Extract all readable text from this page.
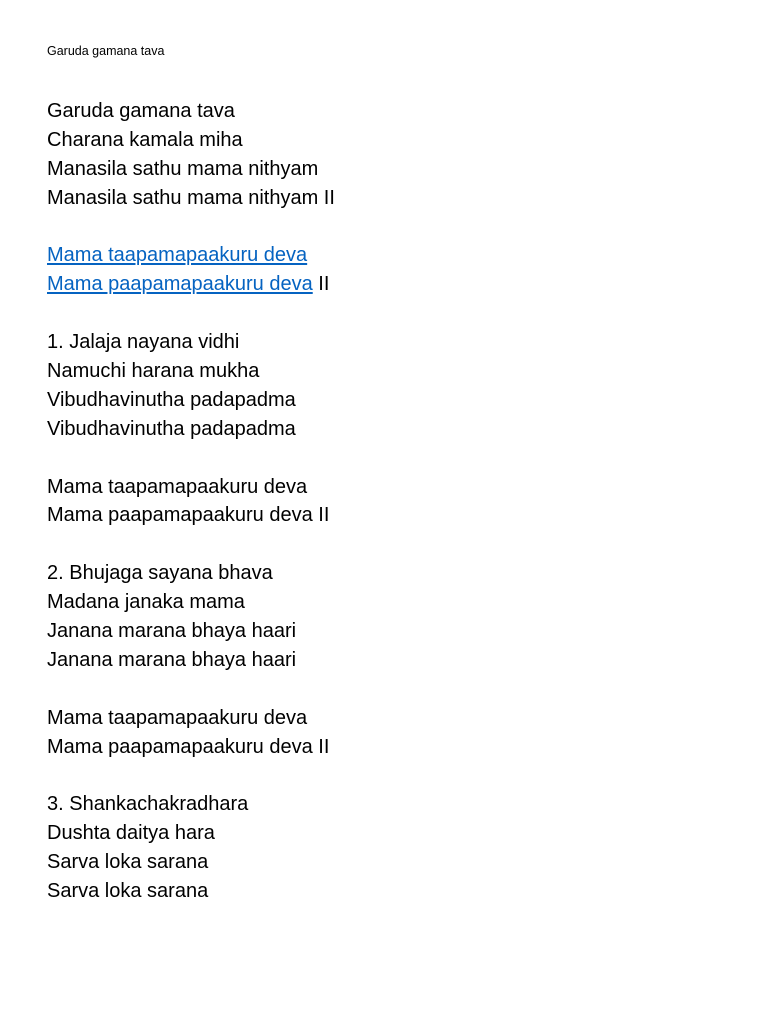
Garuda gamana tava
Garuda gamana tava
Charana kamala miha
Manasila sathu mama nithyam
Manasila sathu mama nithyam II
Mama taapamapaakuru deva
Mama paapamapaakuru deva II
1. Jalaja nayana vidhi
Namuchi harana mukha
Vibudhavinutha padapadma
Vibudhavinutha padapadma
Mama taapamapaakuru deva
Mama paapamapaakuru deva II
2. Bhujaga sayana bhava
Madana janaka mama
Janana marana bhaya haari
Janana marana bhaya haari
Mama taapamapaakuru deva
Mama paapamapaakuru deva II
3. Shankachakradhara
Dushta daitya hara
Sarva loka sarana
Sarva loka sarana
